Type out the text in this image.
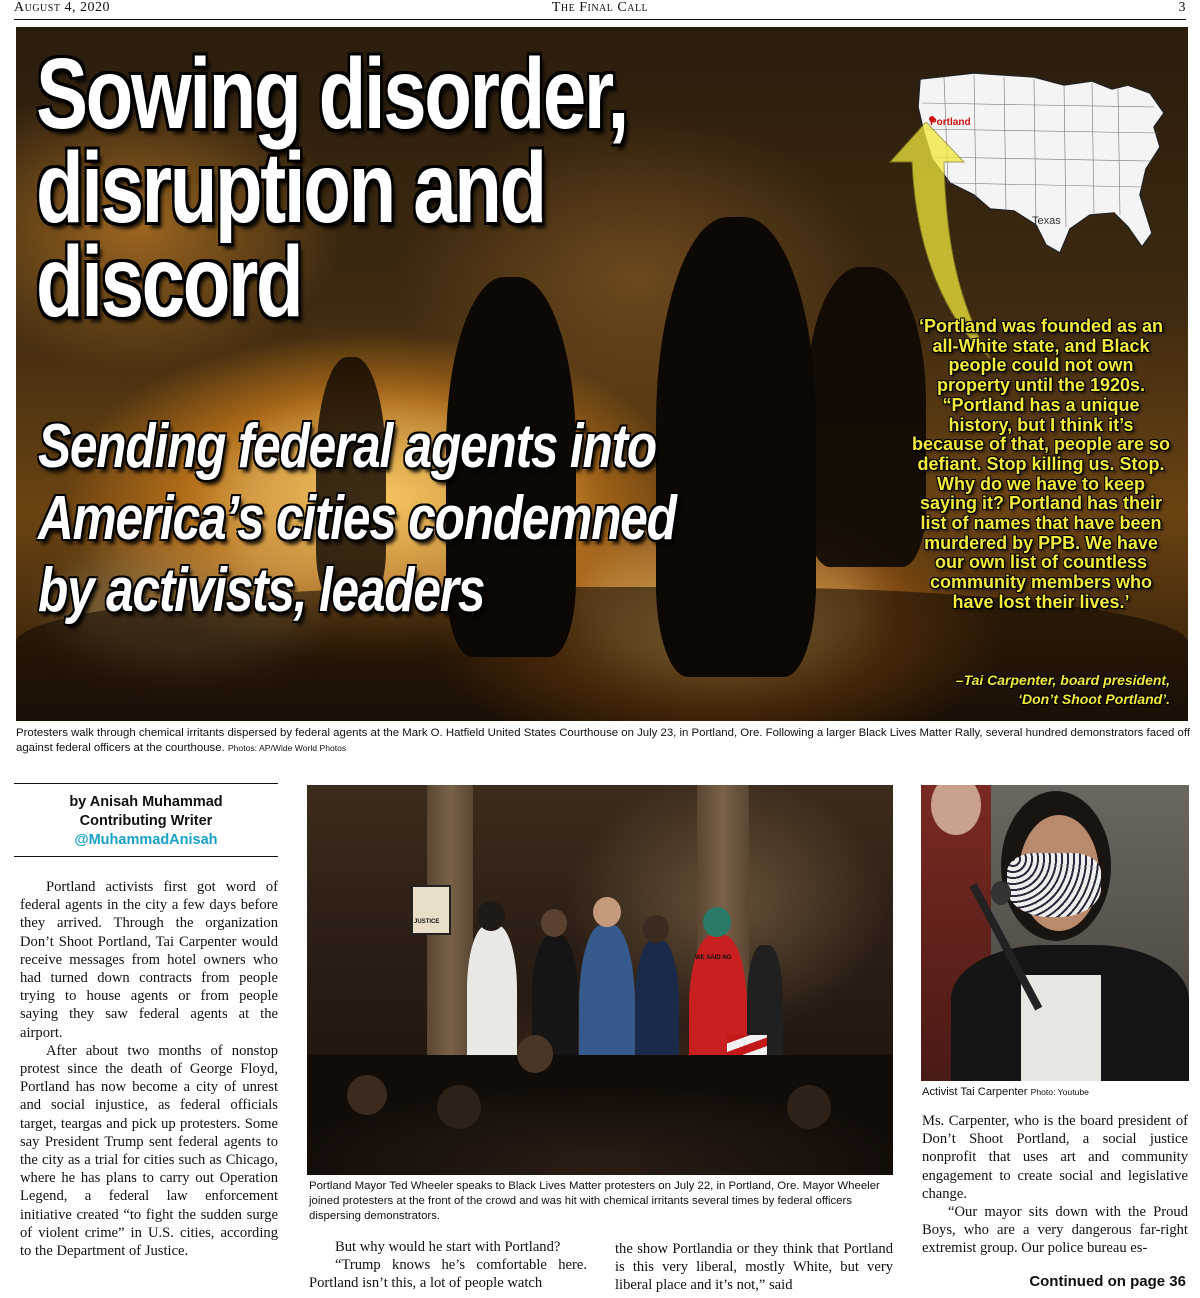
August 4, 2020	The Final Call	3
Sowing disorder,
disruption and
discord
Sending federal agents into
America’s cities condemned
by activists, leaders
Portland
Texas
‘Portland was founded as an all-White state, and Black people could not own property until the 1920s. “Portland has a unique history, but I think it’s because of that, people are so defiant. Stop killing us. Stop. Why do we have to keep saying it? Portland has their list of names that have been murdered by PPB. We have our own list of countless community members who have lost their lives.’
–Tai Carpenter, board president,
‘Don’t Shoot Portland’.
Protesters walk through chemical irritants dispersed by federal agents at the Mark O. Hatfield United States Courthouse on July 23, in Portland, Ore. Following a larger Black Lives Matter Rally, several hundred demonstrators faced off against federal officers at the courthouse. Photos: AP/Wide World Photos
by Anisah Muhammad
Contributing Writer
@MuhammadAnisah

Portland activists first got word of federal agents in the city a few days before they arrived. Through the organization Don’t Shoot Portland, Tai Carpenter would receive messages from hotel owners who had turned down contracts from people trying to house agents or from people saying they saw federal agents at the airport.

After about two months of nonstop protest since the death of George Floyd, Portland has now become a city of unrest and social injustice, as federal officials target, teargas and pick up protesters. Some say President Trump sent federal agents to the city as a trial for cities such as Chicago, where he has plans to carry out Operation Legend, a federal law enforcement initiative created “to fight the sudden surge of violent crime” in U.S. cities, according to the Department of Justice.

JUSTICE
WE SAID NO
Portland Mayor Ted Wheeler speaks to Black Lives Matter protesters on July 22, in Portland, Ore. Mayor Wheeler joined protesters at the front of the crowd and was hit with chemical irritants several times by federal officers dispersing demonstrators.

But why would he start with Portland?

“Trump knows he’s comfortable here. Portland isn’t this, a lot of people watch

the show Portlandia or they think that Portland is this very liberal, mostly White, but very liberal place and it’s not,” said

Activist Tai Carpenter Photo: Youtube

Ms. Carpenter, who is the board president of Don’t Shoot Portland, a social justice nonprofit that uses art and community engagement to create social and legislative change.

“Our mayor sits down with the Proud Boys, who are a very dangerous far-right extremist group. Our police bureau es-

Continued on page 36
